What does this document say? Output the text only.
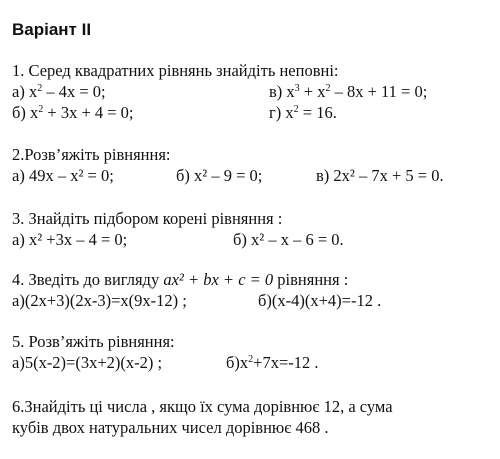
Варіант II
1. Серед квадратних рівнянь знайдіть неповні:
а) $x^2 - 4x = 0$;	в) $x^3 + x^2 - 8x + 11 = 0$;
б) $x^2 + 3x + 4 = 0$;	г) $x^2 = 16$.
2.Розв’яжіть рівняння:
а) 49x – x² = 0;	б) x² – 9 = 0;	в) 2x² – 7x + 5 = 0.
3. Знайдіть підбором корені рівняння :
а) x² +3x – 4 = 0;	б) x² – x – 6 = 0.
4. Зведіть до вигляду ax² + bx + c = 0 рівняння :
а)(2x+3)(2x-3)=x(9x-12) ;	б)(x-4)(x+4)=-12 .
5. Розв’яжіть рівняння:
а)5(x-2)=(3x+2)(x-2) ;	$б)x^2+7x=-12$ .
6.Знайдіть ці числа , якщо їх сума дорівнює 12, а сума
кубів двох натуральних чисел дорівнює 468 .
